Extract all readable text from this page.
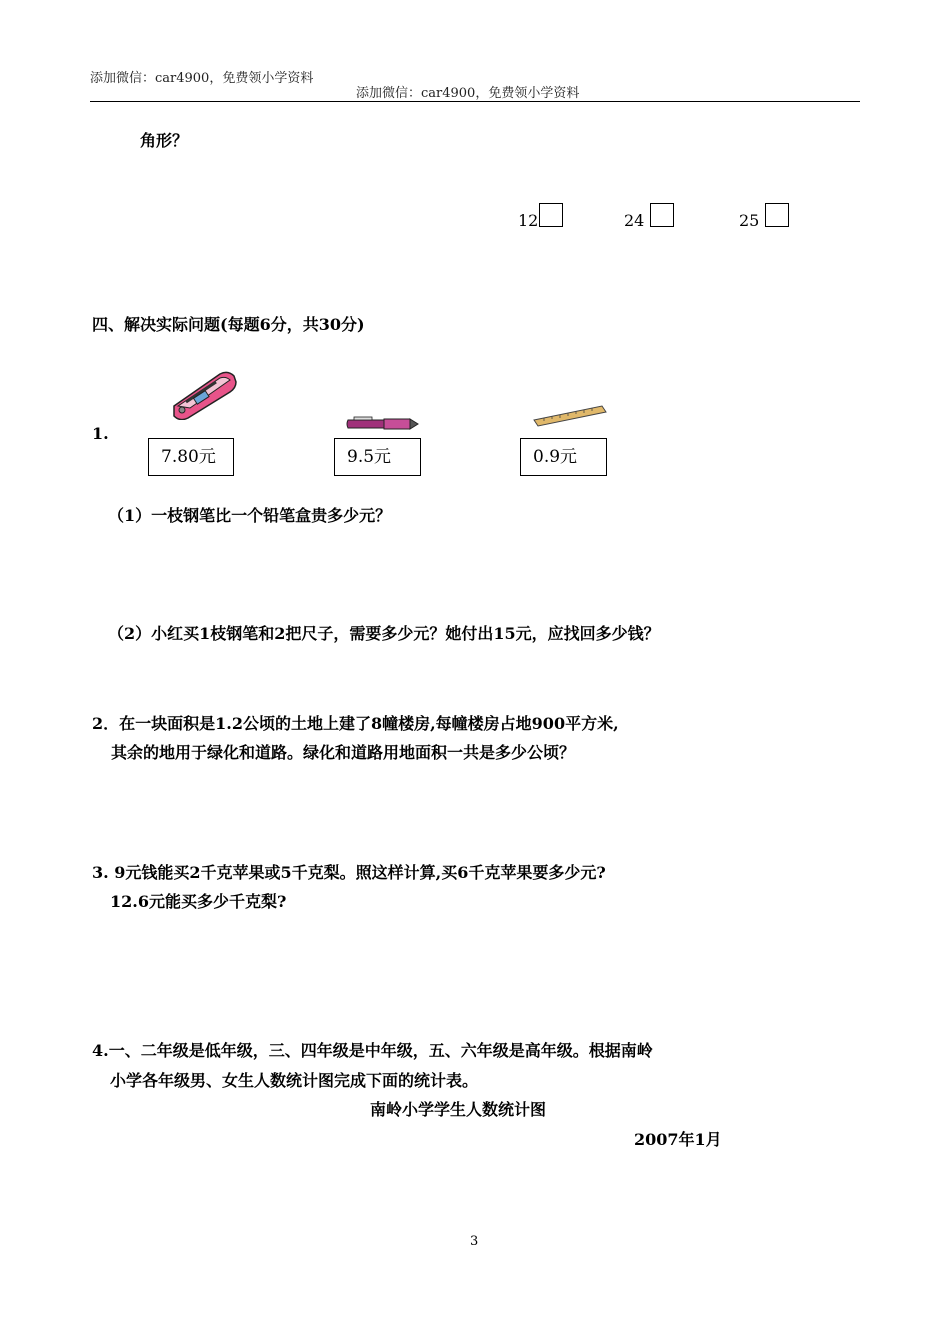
添加微信：car4900，免费领小学资料
添加微信：car4900，免费领小学资料
角形？
12	24	25
四、解决实际问题(每题6分，共30分)
1.
7.80元	9.5元	0.9元
（1）一枝钢笔比一个铅笔盒贵多少元？
（2）小红买1枝钢笔和2把尺子，需要多少元？她付出15元，应找回多少钱？
2．在一块面积是1.2公顷的土地上建了8幢楼房,每幢楼房占地900平方米,
其余的地用于绿化和道路。绿化和道路用地面积一共是多少公顷？
3. 9元钱能买2千克苹果或5千克梨。照这样计算,买6千克苹果要多少元?
12.6元能买多少千克梨?
4.一、二年级是低年级，三、四年级是中年级，五、六年级是高年级。根据南岭
小学各年级男、女生人数统计图完成下面的统计表。
南岭小学学生人数统计图
2007年1月
3
